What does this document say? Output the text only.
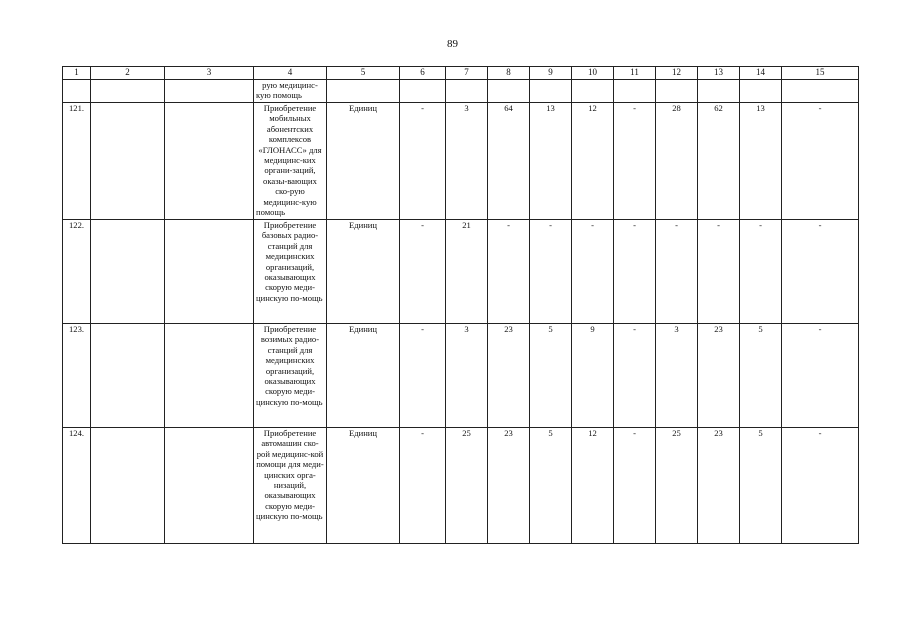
89
1	2	3	4	5	6	7	8	9	10	11	12	13	14	15
			рую медицинс-кую помощь											
121.			Приобретение мобильных абонентских комплексов «ГЛОНАСС» для медицинс-ких органи-заций, оказы-вающих ско-рую медицинс-кую помощь	Единиц	-	3	64	13	12	-	28	62	13	-
122.			Приобретение базовых радио-станций для медицинских организаций, оказывающих скорую меди-цинскую по-мощь	Единиц	-	21	-	-	-	-	-	-	-	-
123.			Приобретение возимых радио-станций для медицинских организаций, оказывающих скорую меди-цинскую по-мощь	Единиц	-	3	23	5	9	-	3	23	5	-
124.			Приобретение автомашин ско-рой медицинс-кой помощи для меди-цинских орга-низаций, оказывающих скорую меди-цинскую по-мощь	Единиц	-	25	23	5	12	-	25	23	5	-
